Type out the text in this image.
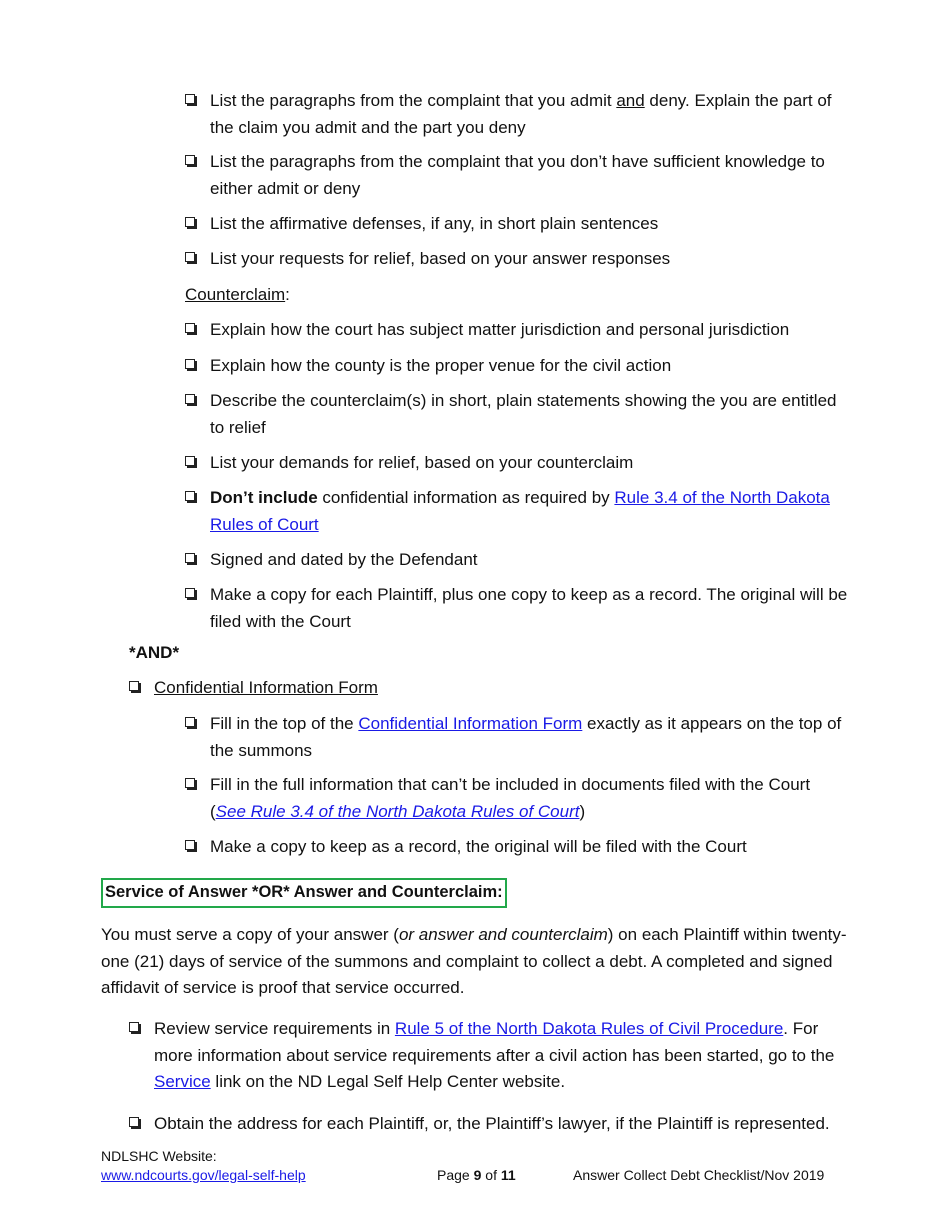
List the paragraphs from the complaint that you admit and deny. Explain the part of the claim you admit and the part you deny
List the paragraphs from the complaint that you don’t have sufficient knowledge to either admit or deny
List the affirmative defenses, if any, in short plain sentences
List your requests for relief, based on your answer responses
Counterclaim:
Explain how the court has subject matter jurisdiction and personal jurisdiction
Explain how the county is the proper venue for the civil action
Describe the counterclaim(s) in short, plain statements showing the you are entitled to relief
List your demands for relief, based on your counterclaim
Don’t include confidential information as required by Rule 3.4 of the North Dakota Rules of Court
Signed and dated by the Defendant
Make a copy for each Plaintiff, plus one copy to keep as a record. The original will be filed with the Court
*AND*
Confidential Information Form
Fill in the top of the Confidential Information Form exactly as it appears on the top of the summons
Fill in the full information that can’t be included in documents filed with the Court (See Rule 3.4 of the North Dakota Rules of Court)
Make a copy to keep as a record, the original will be filed with the Court
Service of Answer *OR* Answer and Counterclaim:
You must serve a copy of your answer (or answer and counterclaim) on each Plaintiff within twenty-one (21) days of service of the summons and complaint to collect a debt. A completed and signed affidavit of service is proof that service occurred.
Review service requirements in Rule 5 of the North Dakota Rules of Civil Procedure. For more information about service requirements after a civil action has been started, go to the Service link on the ND Legal Self Help Center website.
Obtain the address for each Plaintiff, or, the Plaintiff’s lawyer, if the Plaintiff is represented.
NDLSHC Website:
www.ndcourts.gov/legal-self-help	Page 9 of 11	Answer Collect Debt Checklist/Nov 2019
